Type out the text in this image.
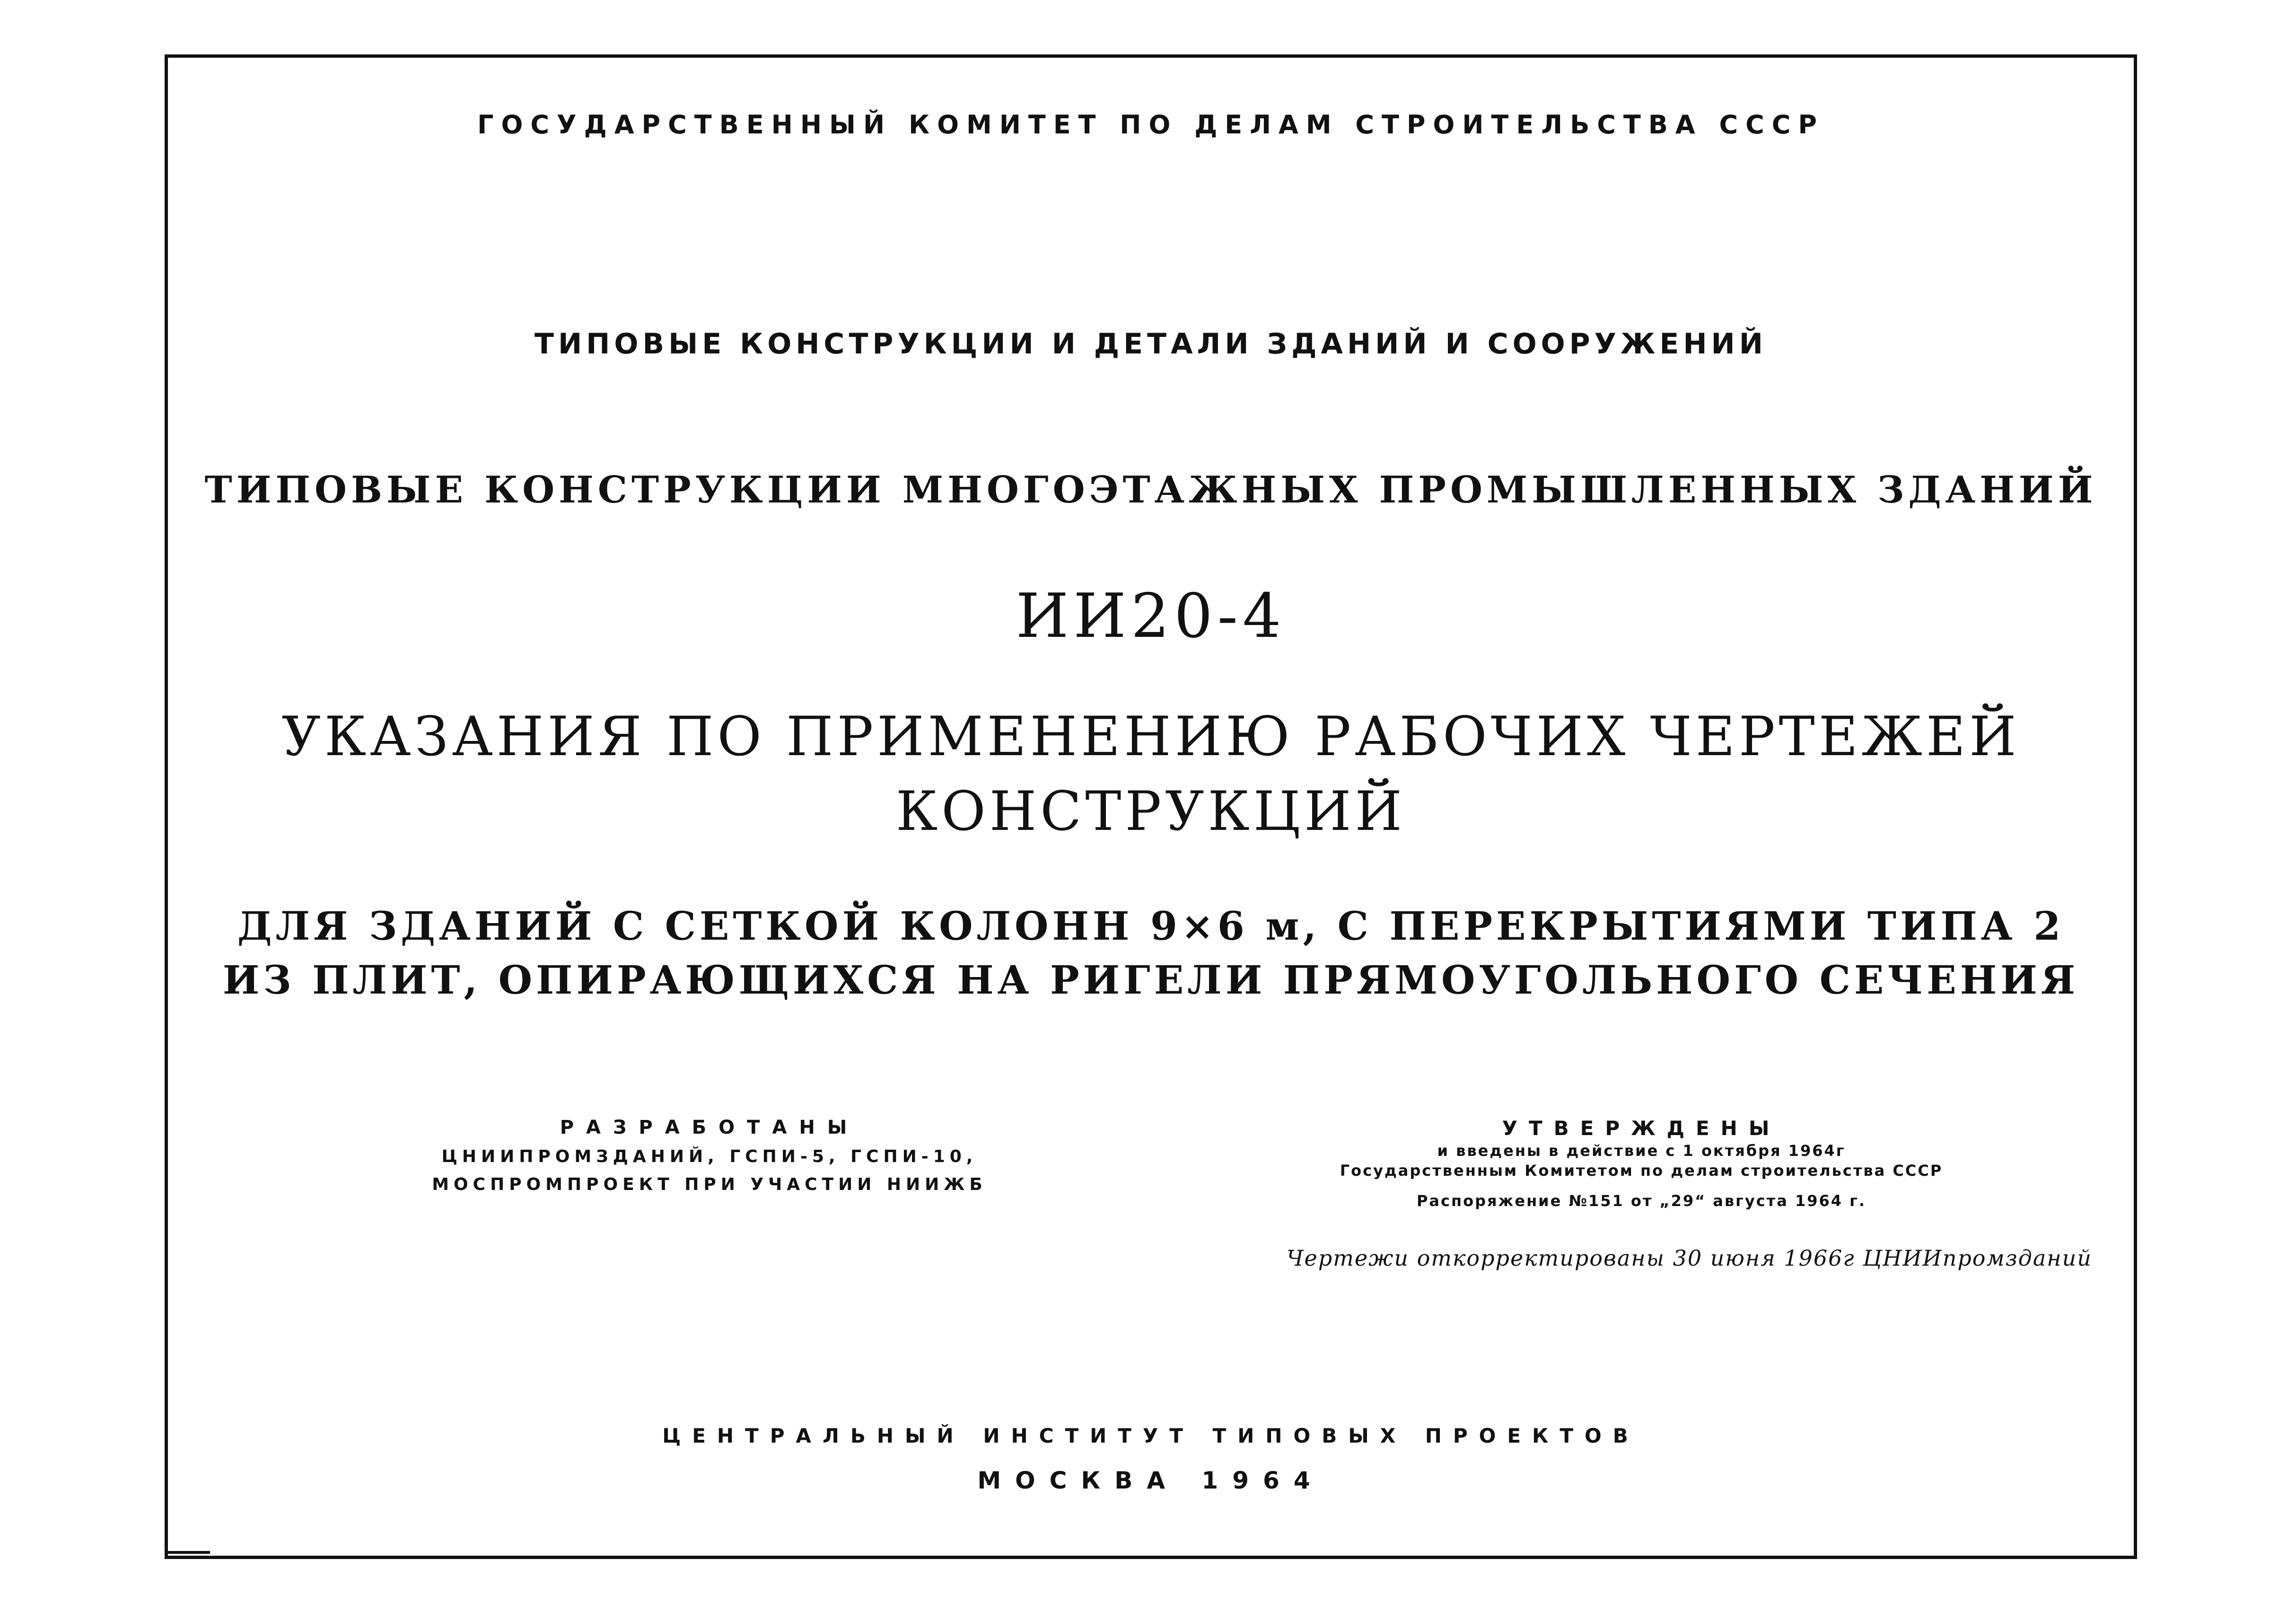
ГОСУДАРСТВЕННЫЙ КОМИТЕТ ПО ДЕЛАМ СТРОИТЕЛЬСТВА СССР
ТИПОВЫЕ КОНСТРУКЦИИ И ДЕТАЛИ ЗДАНИЙ И СООРУЖЕНИЙ
ТИПОВЫЕ КОНСТРУКЦИИ МНОГОЭТАЖНЫХ ПРОМЫШЛЕННЫХ ЗДАНИЙ
ИИ20-4
УКАЗАНИЯ ПО ПРИМЕНЕНИЮ РАБОЧИХ ЧЕРТЕЖЕЙ
КОНСТРУКЦИЙ
ДЛЯ ЗДАНИЙ С СЕТКОЙ КОЛОНН 9×6 м, С ПЕРЕКРЫТИЯМИ ТИПА 2
ИЗ ПЛИТ, ОПИРАЮЩИХСЯ НА РИГЕЛИ ПРЯМОУГОЛЬНОГО СЕЧЕНИЯ
РАЗРАБОТАНЫ
ЦНИИПРОМЗДАНИЙ, ГСПИ-5, ГСПИ-10,
МОСПРОМПРОЕКТ ПРИ УЧАСТИИ НИИЖБ
УТВЕРЖДЕНЫ
и введены в действие с 1 октября 1964г
Государственным Комитетом по делам строительства СССР
Распоряжение №151 от „29“ августа 1964 г.
Чертежи откорректированы 30 июня 1966г ЦНИИпромзданий
ЦЕНТРАЛЬНЫЙ ИНСТИТУТ ТИПОВЫХ ПРОЕКТОВ
МОСКВА 1964
